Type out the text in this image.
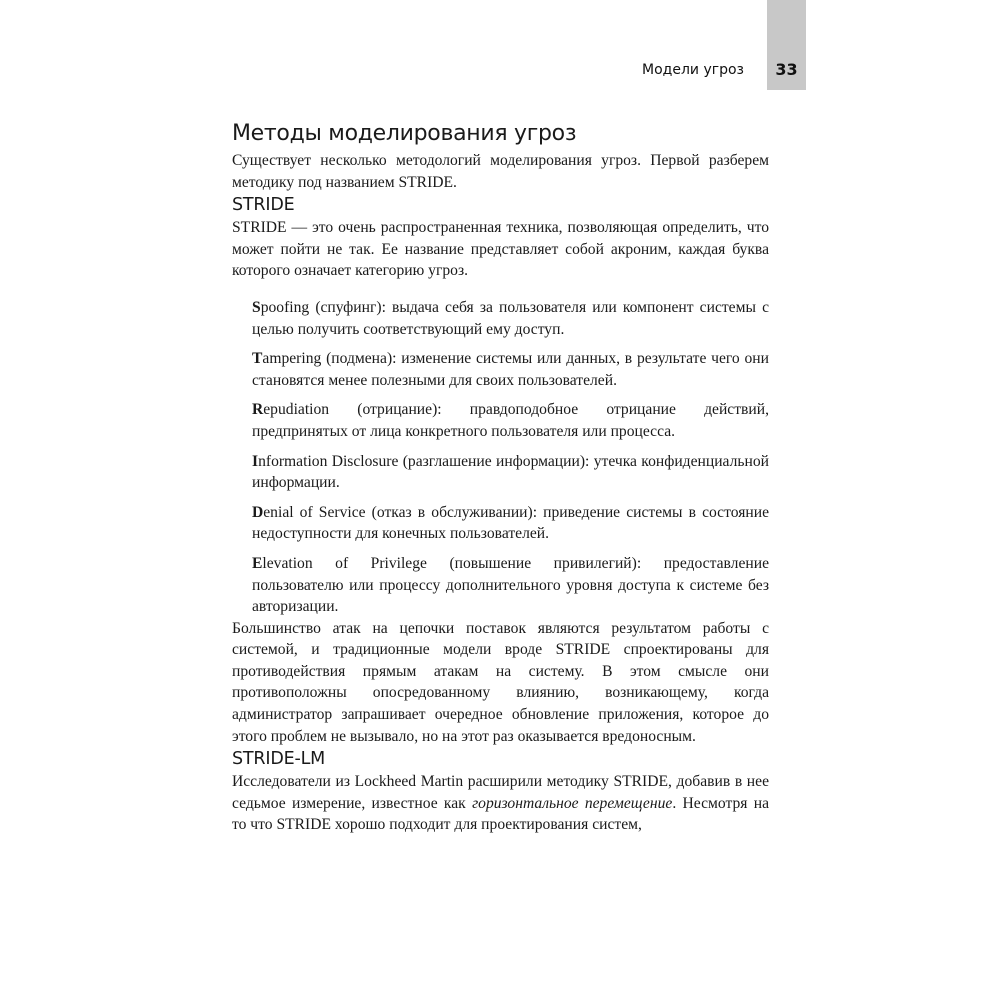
33
Модели угроз
Методы моделирования угроз

Существует несколько методологий моделирования угроз. Первой разберем методику под названием STRIDE.

STRIDE

STRIDE — это очень распространенная техника, позволяющая определить, что может пойти не так. Ее название представляет собой акроним, каждая буква которого означает категорию угроз.

Spoofing (спуфинг): выдача себя за пользователя или компонент системы с целью получить соответствующий ему доступ.
Tampering (подмена): изменение системы или данных, в результате чего они становятся менее полезными для своих пользователей.
Repudiation (отрицание): правдоподобное отрицание действий, предпринятых от лица конкретного пользователя или процесса.
Information Disclosure (разглашение информации): утечка конфиденциальной информации.
Denial of Service (отказ в обслуживании): приведение системы в состояние недоступности для конечных пользователей.
Elevation of Privilege (повышение привилегий): предоставление пользователю или процессу дополнительного уровня доступа к системе без авторизации.

Большинство атак на цепочки поставок являются результатом работы с системой, и традиционные модели вроде STRIDE спроектированы для противодействия прямым атакам на систему. В этом смысле они противоположны опосредованному влиянию, возникающему, когда администратор запрашивает очередное обновление приложения, которое до этого проблем не вызывало, но на этот раз оказывается вредоносным.

STRIDE-LM

Исследователи из Lockheed Martin расширили методику STRIDE, добавив в нее седьмое измерение, известное как горизонтальное перемещение. Несмотря на то что STRIDE хорошо подходит для проектирования систем,
